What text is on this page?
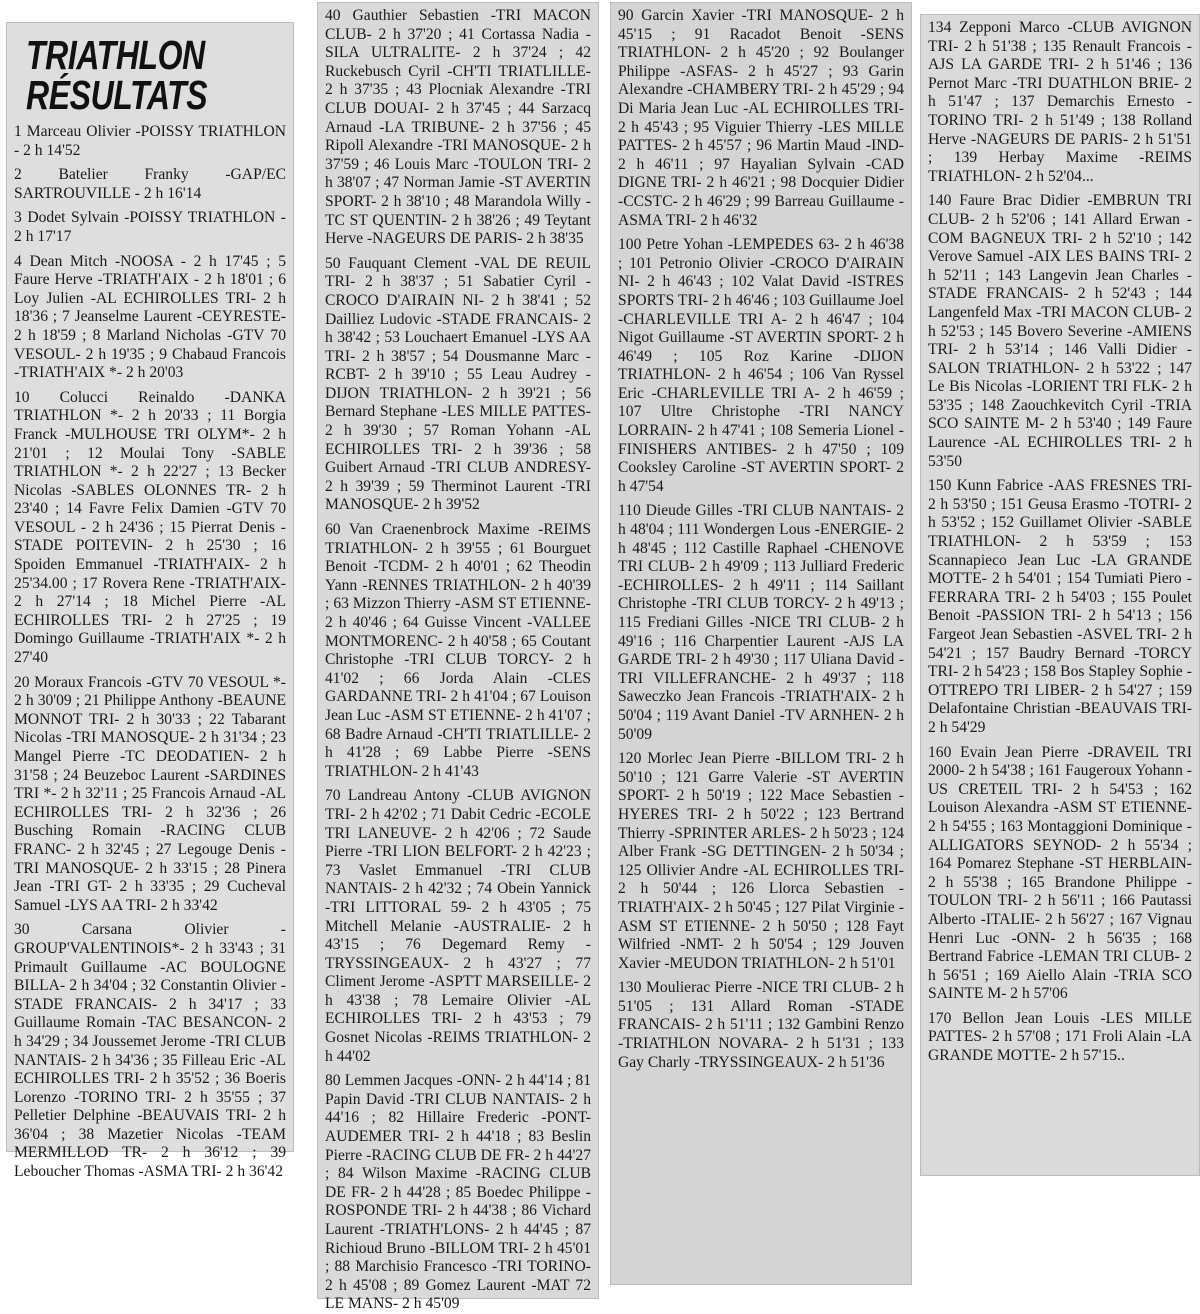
TRIATHLON
RÉSULTATS

1 Marceau Olivier -POISSY TRIATHLON - 2 h 14'52

2 Batelier Franky -GAP/EC SARTROUVILLE - 2 h 16'14

3 Dodet Sylvain -POISSY TRIATHLON - 2 h 17'17

4 Dean Mitch -NOOSA - 2 h 17'45 ; 5 Faure Herve -TRIATH'AIX - 2 h 18'01 ; 6 Loy Julien -AL ECHIROLLES TRI- 2 h 18'36 ; 7 Jeanselme Laurent -CEYRESTE- 2 h 18'59 ; 8 Marland Nicholas -GTV 70 VESOUL- 2 h 19'35 ; 9 Chabaud Francois -TRIATH'AIX *- 2 h 20'03

10 Colucci Reinaldo -DANKA TRIATHLON *- 2 h 20'33 ; 11 Borgia Franck -MULHOUSE TRI OLYM*- 2 h 21'01 ; 12 Moulai Tony -SABLE TRIATHLON *- 2 h 22'27 ; 13 Becker Nicolas -SABLES OLONNES TR- 2 h 23'40 ; 14 Favre Felix Damien -GTV 70 VESOUL - 2 h 24'36 ; 15 Pierrat Denis -STADE POITEVIN- 2 h 25'30 ; 16 Spoiden Emmanuel -TRIATH'AIX- 2 h 25'34.00 ; 17 Rovera Rene -TRIATH'AIX- 2 h 27'14 ; 18 Michel Pierre -AL ECHIROLLES TRI- 2 h 27'25 ; 19 Domingo Guillaume -TRIATH'AIX *- 2 h 27'40

20 Moraux Francois -GTV 70 VESOUL *- 2 h 30'09 ; 21 Philippe Anthony -BEAUNE MONNOT TRI- 2 h 30'33 ; 22 Tabarant Nicolas -TRI MANOSQUE- 2 h 31'34 ; 23 Mangel Pierre -TC DEODATIEN- 2 h 31'58 ; 24 Beuzeboc Laurent -SARDINES TRI *- 2 h 32'11 ; 25 Francois Arnaud -AL ECHIROLLES TRI- 2 h 32'36 ; 26 Busching Romain -RACING CLUB FRANC- 2 h 32'45 ; 27 Legouge Denis -TRI MANOSQUE- 2 h 33'15 ; 28 Pinera Jean -TRI GT- 2 h 33'35 ; 29 Cucheval Samuel -LYS AA TRI- 2 h 33'42

30 Carsana Olivier -GROUP'VALENTINOIS*- 2 h 33'43 ; 31 Primault Guillaume -AC BOULOGNE BILLA- 2 h 34'04 ; 32 Constantin Olivier -STADE FRANCAIS- 2 h 34'17 ; 33 Guillaume Romain -TAC BESANCON- 2 h 34'29 ; 34 Joussemet Jerome -TRI CLUB NANTAIS- 2 h 34'36 ; 35 Filleau Eric -AL ECHIROLLES TRI- 2 h 35'52 ; 36 Boeris Lorenzo -TORINO TRI- 2 h 35'55 ; 37 Pelletier Delphine -BEAUVAIS TRI- 2 h 36'04 ; 38 Mazetier Nicolas -TEAM MERMILLOD TR- 2 h 36'12 ; 39 Leboucher Thomas -ASMA TRI- 2 h 36'42

40 Gauthier Sebastien -TRI MACON CLUB- 2 h 37'20 ; 41 Cortassa Nadia -SILA ULTRALITE- 2 h 37'24 ; 42 Ruckebusch Cyril -CH'TI TRIATLILLE- 2 h 37'35 ; 43 Plocniak Alexandre -TRI CLUB DOUAI- 2 h 37'45 ; 44 Sarzacq Arnaud -LA TRIBUNE- 2 h 37'56 ; 45 Ripoll Alexandre -TRI MANOSQUE- 2 h 37'59 ; 46 Louis Marc -TOULON TRI- 2 h 38'07 ; 47 Norman Jamie -ST AVERTIN SPORT- 2 h 38'10 ; 48 Marandola Willy -TC ST QUENTIN- 2 h 38'26 ; 49 Teytant Herve -NAGEURS DE PARIS- 2 h 38'35

50 Fauquant Clement -VAL DE REUIL TRI- 2 h 38'37 ; 51 Sabatier Cyril -CROCO D'AIRAIN NI- 2 h 38'41 ; 52 Dailliez Ludovic -STADE FRANCAIS- 2 h 38'42 ; 53 Louchaert Emanuel -LYS AA TRI- 2 h 38'57 ; 54 Dousmanne Marc -RCBT- 2 h 39'10 ; 55 Leau Audrey -DIJON TRIATHLON- 2 h 39'21 ; 56 Bernard Stephane -LES MILLE PATTES- 2 h 39'30 ; 57 Roman Yohann -AL ECHIROLLES TRI- 2 h 39'36 ; 58 Guibert Arnaud -TRI CLUB ANDRESY- 2 h 39'39 ; 59 Therminot Laurent -TRI MANOSQUE- 2 h 39'52

60 Van Craenenbrock Maxime -REIMS TRIATHLON- 2 h 39'55 ; 61 Bourguet Benoit -TCDM- 2 h 40'01 ; 62 Theodin Yann -RENNES TRIATHLON- 2 h 40'39 ; 63 Mizzon Thierry -ASM ST ETIENNE- 2 h 40'46 ; 64 Guisse Vincent -VALLEE MONTMORENC- 2 h 40'58 ; 65 Coutant Christophe -TRI CLUB TORCY- 2 h 41'02 ; 66 Jorda Alain -CLES GARDANNE TRI- 2 h 41'04 ; 67 Louison Jean Luc -ASM ST ETIENNE- 2 h 41'07 ; 68 Badre Arnaud -CH'TI TRIATLILLE- 2 h 41'28 ; 69 Labbe Pierre -SENS TRIATHLON- 2 h 41'43

70 Landreau Antony -CLUB AVIGNON TRI- 2 h 42'02 ; 71 Dabit Cedric -ECOLE TRI LANEUVE- 2 h 42'06 ; 72 Saude Pierre -TRI LION BELFORT- 2 h 42'23 ; 73 Vaslet Emmanuel -TRI CLUB NANTAIS- 2 h 42'32 ; 74 Obein Yannick -TRI LITTORAL 59- 2 h 43'05 ; 75 Mitchell Melanie -AUSTRALIE- 2 h 43'15 ; 76 Degemard Remy -TRYSSINGEAUX- 2 h 43'27 ; 77 Climent Jerome -ASPTT MARSEILLE- 2 h 43'38 ; 78 Lemaire Olivier -AL ECHIROLLES TRI- 2 h 43'53 ; 79 Gosnet Nicolas -REIMS TRIATHLON- 2 h 44'02

80 Lemmen Jacques -ONN- 2 h 44'14 ; 81 Papin David -TRI CLUB NANTAIS- 2 h 44'16 ; 82 Hillaire Frederic -PONT-AUDEMER TRI- 2 h 44'18 ; 83 Beslin Pierre -RACING CLUB DE FR- 2 h 44'27 ; 84 Wilson Maxime -RACING CLUB DE FR- 2 h 44'28 ; 85 Boedec Philippe -ROSPONDE TRI- 2 h 44'38 ; 86 Vichard Laurent -TRIATH'LONS- 2 h 44'45 ; 87 Richioud Bruno -BILLOM TRI- 2 h 45'01 ; 88 Marchisio Francesco -TRI TORINO- 2 h 45'08 ; 89 Gomez Laurent -MAT 72 LE MANS- 2 h 45'09

90 Garcin Xavier -TRI MANOSQUE- 2 h 45'15 ; 91 Racadot Benoit -SENS TRIATHLON- 2 h 45'20 ; 92 Boulanger Philippe -ASFAS- 2 h 45'27 ; 93 Garin Alexandre -CHAMBERY TRI- 2 h 45'29 ; 94 Di Maria Jean Luc -AL ECHIROLLES TRI- 2 h 45'43 ; 95 Viguier Thierry -LES MILLE PATTES- 2 h 45'57 ; 96 Martin Maud -IND- 2 h 46'11 ; 97 Hayalian Sylvain -CAD DIGNE TRI- 2 h 46'21 ; 98 Docquier Didier -CCSTC- 2 h 46'29 ; 99 Barreau Guillaume -ASMA TRI- 2 h 46'32

100 Petre Yohan -LEMPEDES 63- 2 h 46'38 ; 101 Petronio Olivier -CROCO D'AIRAIN NI- 2 h 46'43 ; 102 Valat David -ISTRES SPORTS TRI- 2 h 46'46 ; 103 Guillaume Joel -CHARLEVILLE TRI A- 2 h 46'47 ; 104 Nigot Guillaume -ST AVERTIN SPORT- 2 h 46'49 ; 105 Roz Karine -DIJON TRIATHLON- 2 h 46'54 ; 106 Van Ryssel Eric -CHARLEVILLE TRI A- 2 h 46'59 ; 107 Ultre Christophe -TRI NANCY LORRAIN- 2 h 47'41 ; 108 Semeria Lionel -FINISHERS ANTIBES- 2 h 47'50 ; 109 Cooksley Caroline -ST AVERTIN SPORT- 2 h 47'54

110 Dieude Gilles -TRI CLUB NANTAIS- 2 h 48'04 ; 111 Wondergen Lous -ENERGIE- 2 h 48'45 ; 112 Castille Raphael -CHENOVE TRI CLUB- 2 h 49'09 ; 113 Julliard Frederic -ECHIROLLES- 2 h 49'11 ; 114 Saillant Christophe -TRI CLUB TORCY- 2 h 49'13 ; 115 Frediani Gilles -NICE TRI CLUB- 2 h 49'16 ; 116 Charpentier Laurent -AJS LA GARDE TRI- 2 h 49'30 ; 117 Uliana David -TRI VILLEFRANCHE- 2 h 49'37 ; 118 Saweczko Jean Francois -TRIATH'AIX- 2 h 50'04 ; 119 Avant Daniel -TV ARNHEN- 2 h 50'09

120 Morlec Jean Pierre -BILLOM TRI- 2 h 50'10 ; 121 Garre Valerie -ST AVERTIN SPORT- 2 h 50'19 ; 122 Mace Sebastien -HYERES TRI- 2 h 50'22 ; 123 Bertrand Thierry -SPRINTER ARLES- 2 h 50'23 ; 124 Alber Frank -SG DETTINGEN- 2 h 50'34 ; 125 Ollivier Andre -AL ECHIROLLES TRI- 2 h 50'44 ; 126 Llorca Sebastien -TRIATH'AIX- 2 h 50'45 ; 127 Pilat Virginie -ASM ST ETIENNE- 2 h 50'50 ; 128 Fayt Wilfried -NMT- 2 h 50'54 ; 129 Jouven Xavier -MEUDON TRIATHLON- 2 h 51'01

130 Moulierac Pierre -NICE TRI CLUB- 2 h 51'05 ; 131 Allard Roman -STADE FRANCAIS- 2 h 51'11 ; 132 Gambini Renzo -TRIATHLON NOVARA- 2 h 51'31 ; 133 Gay Charly -TRYSSINGEAUX- 2 h 51'36

134 Zepponi Marco -CLUB AVIGNON TRI- 2 h 51'38 ; 135 Renault Francois -AJS LA GARDE TRI- 2 h 51'46 ; 136 Pernot Marc -TRI DUATHLON BRIE- 2 h 51'47 ; 137 Demarchis Ernesto -TORINO TRI- 2 h 51'49 ; 138 Rolland Herve -NAGEURS DE PARIS- 2 h 51'51 ; 139 Herbay Maxime -REIMS TRIATHLON- 2 h 52'04...

140 Faure Brac Didier -EMBRUN TRI CLUB- 2 h 52'06 ; 141 Allard Erwan -COM BAGNEUX TRI- 2 h 52'10 ; 142 Verove Samuel -AIX LES BAINS TRI- 2 h 52'11 ; 143 Langevin Jean Charles -STADE FRANCAIS- 2 h 52'43 ; 144 Langenfeld Max -TRI MACON CLUB- 2 h 52'53 ; 145 Bovero Severine -AMIENS TRI- 2 h 53'14 ; 146 Valli Didier -SALON TRIATHLON- 2 h 53'22 ; 147 Le Bis Nicolas -LORIENT TRI FLK- 2 h 53'35 ; 148 Zaouchkevitch Cyril -TRIA SCO SAINTE M- 2 h 53'40 ; 149 Faure Laurence -AL ECHIROLLES TRI- 2 h 53'50

150 Kunn Fabrice -AAS FRESNES TRI- 2 h 53'50 ; 151 Geusa Erasmo -TOTRI- 2 h 53'52 ; 152 Guillamet Olivier -SABLE TRIATHLON- 2 h 53'59 ; 153 Scannapieco Jean Luc -LA GRANDE MOTTE- 2 h 54'01 ; 154 Tumiati Piero -FERRARA TRI- 2 h 54'03 ; 155 Poulet Benoit -PASSION TRI- 2 h 54'13 ; 156 Fargeot Jean Sebastien -ASVEL TRI- 2 h 54'21 ; 157 Baudry Bernard -TORCY TRI- 2 h 54'23 ; 158 Bos Stapley Sophie -OTTREPO TRI LIBER- 2 h 54'27 ; 159 Delafontaine Christian -BEAUVAIS TRI- 2 h 54'29

160 Evain Jean Pierre -DRAVEIL TRI 2000- 2 h 54'38 ; 161 Faugeroux Yohann -US CRETEIL TRI- 2 h 54'53 ; 162 Louison Alexandra -ASM ST ETIENNE- 2 h 54'55 ; 163 Montaggioni Dominique -ALLIGATORS SEYNOD- 2 h 55'34 ; 164 Pomarez Stephane -ST HERBLAIN- 2 h 55'38 ; 165 Brandone Philippe -TOULON TRI- 2 h 56'11 ; 166 Pautassi Alberto -ITALIE- 2 h 56'27 ; 167 Vignau Henri Luc -ONN- 2 h 56'35 ; 168 Bertrand Fabrice -LEMAN TRI CLUB- 2 h 56'51 ; 169 Aiello Alain -TRIA SCO SAINTE M- 2 h 57'06

170 Bellon Jean Louis -LES MILLE PATTES- 2 h 57'08 ; 171 Froli Alain -LA GRANDE MOTTE- 2 h 57'15..
